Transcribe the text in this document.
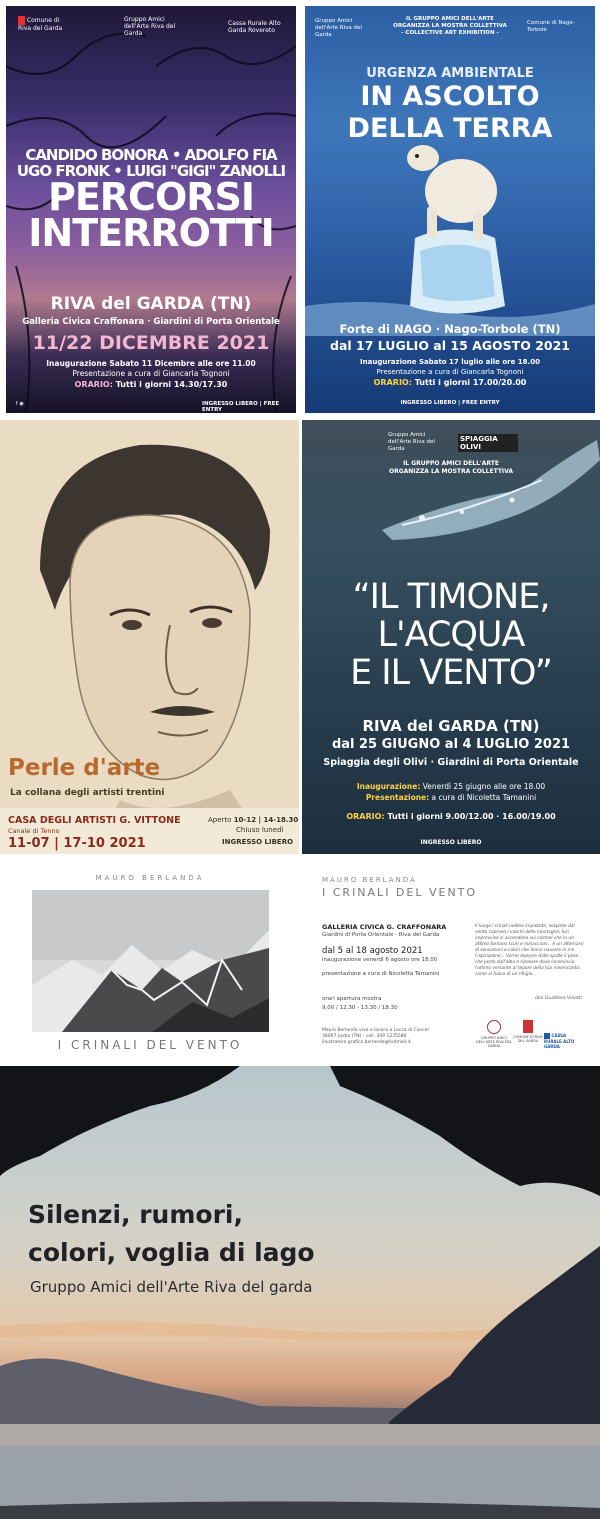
Comune di Riva del Garda
Gruppo Amici dell'Arte Riva del Garda
Cassa Rurale Alto Garda Rovereto
CANDIDO BONORA • ADOLFO FIA
UGO FRONK • LUIGI "GIGI" ZANOLLI
PERCORSI
INTERROTTI
RIVA del GARDA (TN)
Galleria Civica Craffonara · Giardini di Porta Orientale
11/22 DICEMBRE 2021
Inaugurazione Sabato 11 Dicembre alle ore 11.00
Presentazione a cura di Giancarla Tognoni
ORARIO: Tutti i giorni 14.30/17.30
f ◉	INGRESSO LIBERO | FREE ENTRY
Gruppo Amici dell'Arte Riva del Garda
IL GRUPPO AMICI DELL'ARTE
ORGANIZZA LA MOSTRA COLLETTIVA
- COLLECTIVE ART EXHIBITION -
Comune di Nago-Torbole
URGENZA AMBIENTALE
IN ASCOLTO
DELLA TERRA
Forte di NAGO · Nago-Torbole (TN)
dal 17 LUGLIO al 15 AGOSTO 2021
Inaugurazione Sabato 17 luglio alle ore 18.00
Presentazione a cura di Giancarla Tognoni
ORARIO: Tutti i giorni 17.00/20.00
INGRESSO LIBERO | FREE ENTRY
Perle d'arte
La collana degli artisti trentini
CASA DEGLI ARTISTI G. VITTONE
Canale di Tenno
11-07 | 17-10 2021
Aperto 10-12 | 14-18.30
Chiuso lunedì
INGRESSO LIBERO
Gruppo Amici dell'Arte Riva del Garda
SPIAGGIA OLIVI
IL GRUPPO AMICI DELL'ARTE
ORGANIZZA LA MOSTRA COLLETTIVA
“IL TIMONE,
L'ACQUA
E IL VENTO”
RIVA del GARDA (TN)
dal 25 GIUGNO al 4 LUGLIO 2021
Spiaggia degli Olivi · Giardini di Porta Orientale
Inaugurazione: Venerdì 25 giugno alle ore 18.00
Presentazione: a cura di Nicoletta Tamanini
ORARIO: Tutti i giorni 9.00/12.00 · 16.00/19.00
INGRESSO LIBERO
MAURO BERLANDA
I CRINALI DEL VENTO
MAURO BERLANDA
I CRINALI DEL VENTO
GALLERIA CIVICA G. CRAFFONARA
Giardini di Porta Orientale - Riva del Garda
dal 5 al 18 agosto 2021
inaugurazione venerdì 6 agosto ore 18.00
presentazione a cura di Nicoletta Tamanini
orari apertura mostra
9.00 / 12.30 - 13.30 / 18.30
Mauro Berlanda vive e lavora a Locca di Concei
38067 Ledro (TN) - cell. 349 1275586
illustratore.grafico.berlanda@hotmail.it
Il lungo i crinali nebbie impazzite, sospinte dal vento coprono i valichi delle montagne; luci improvvise si accendono sui costoni che in un attimo tornano scuri e minacciosi... è un alternarsi di sensazioni e colori che fanno nascere in me l'ispirazione... Vorrei deporre dalle spalle il peso che porto dall'alba e riposare dove incomincia l'ultimo versante al tepore della tua misericordia come al fuoco di un rifugio.
don Gualtiero Vinotti
GRUPPO AMICI DELL'ARTE RIVA DEL GARDA
COMUNE DI RIVA DEL GARDA
CASSA RURALE ALTO GARDA
Silenzi, rumori,
colori, voglia di lago
Gruppo Amici dell'Arte Riva del garda
